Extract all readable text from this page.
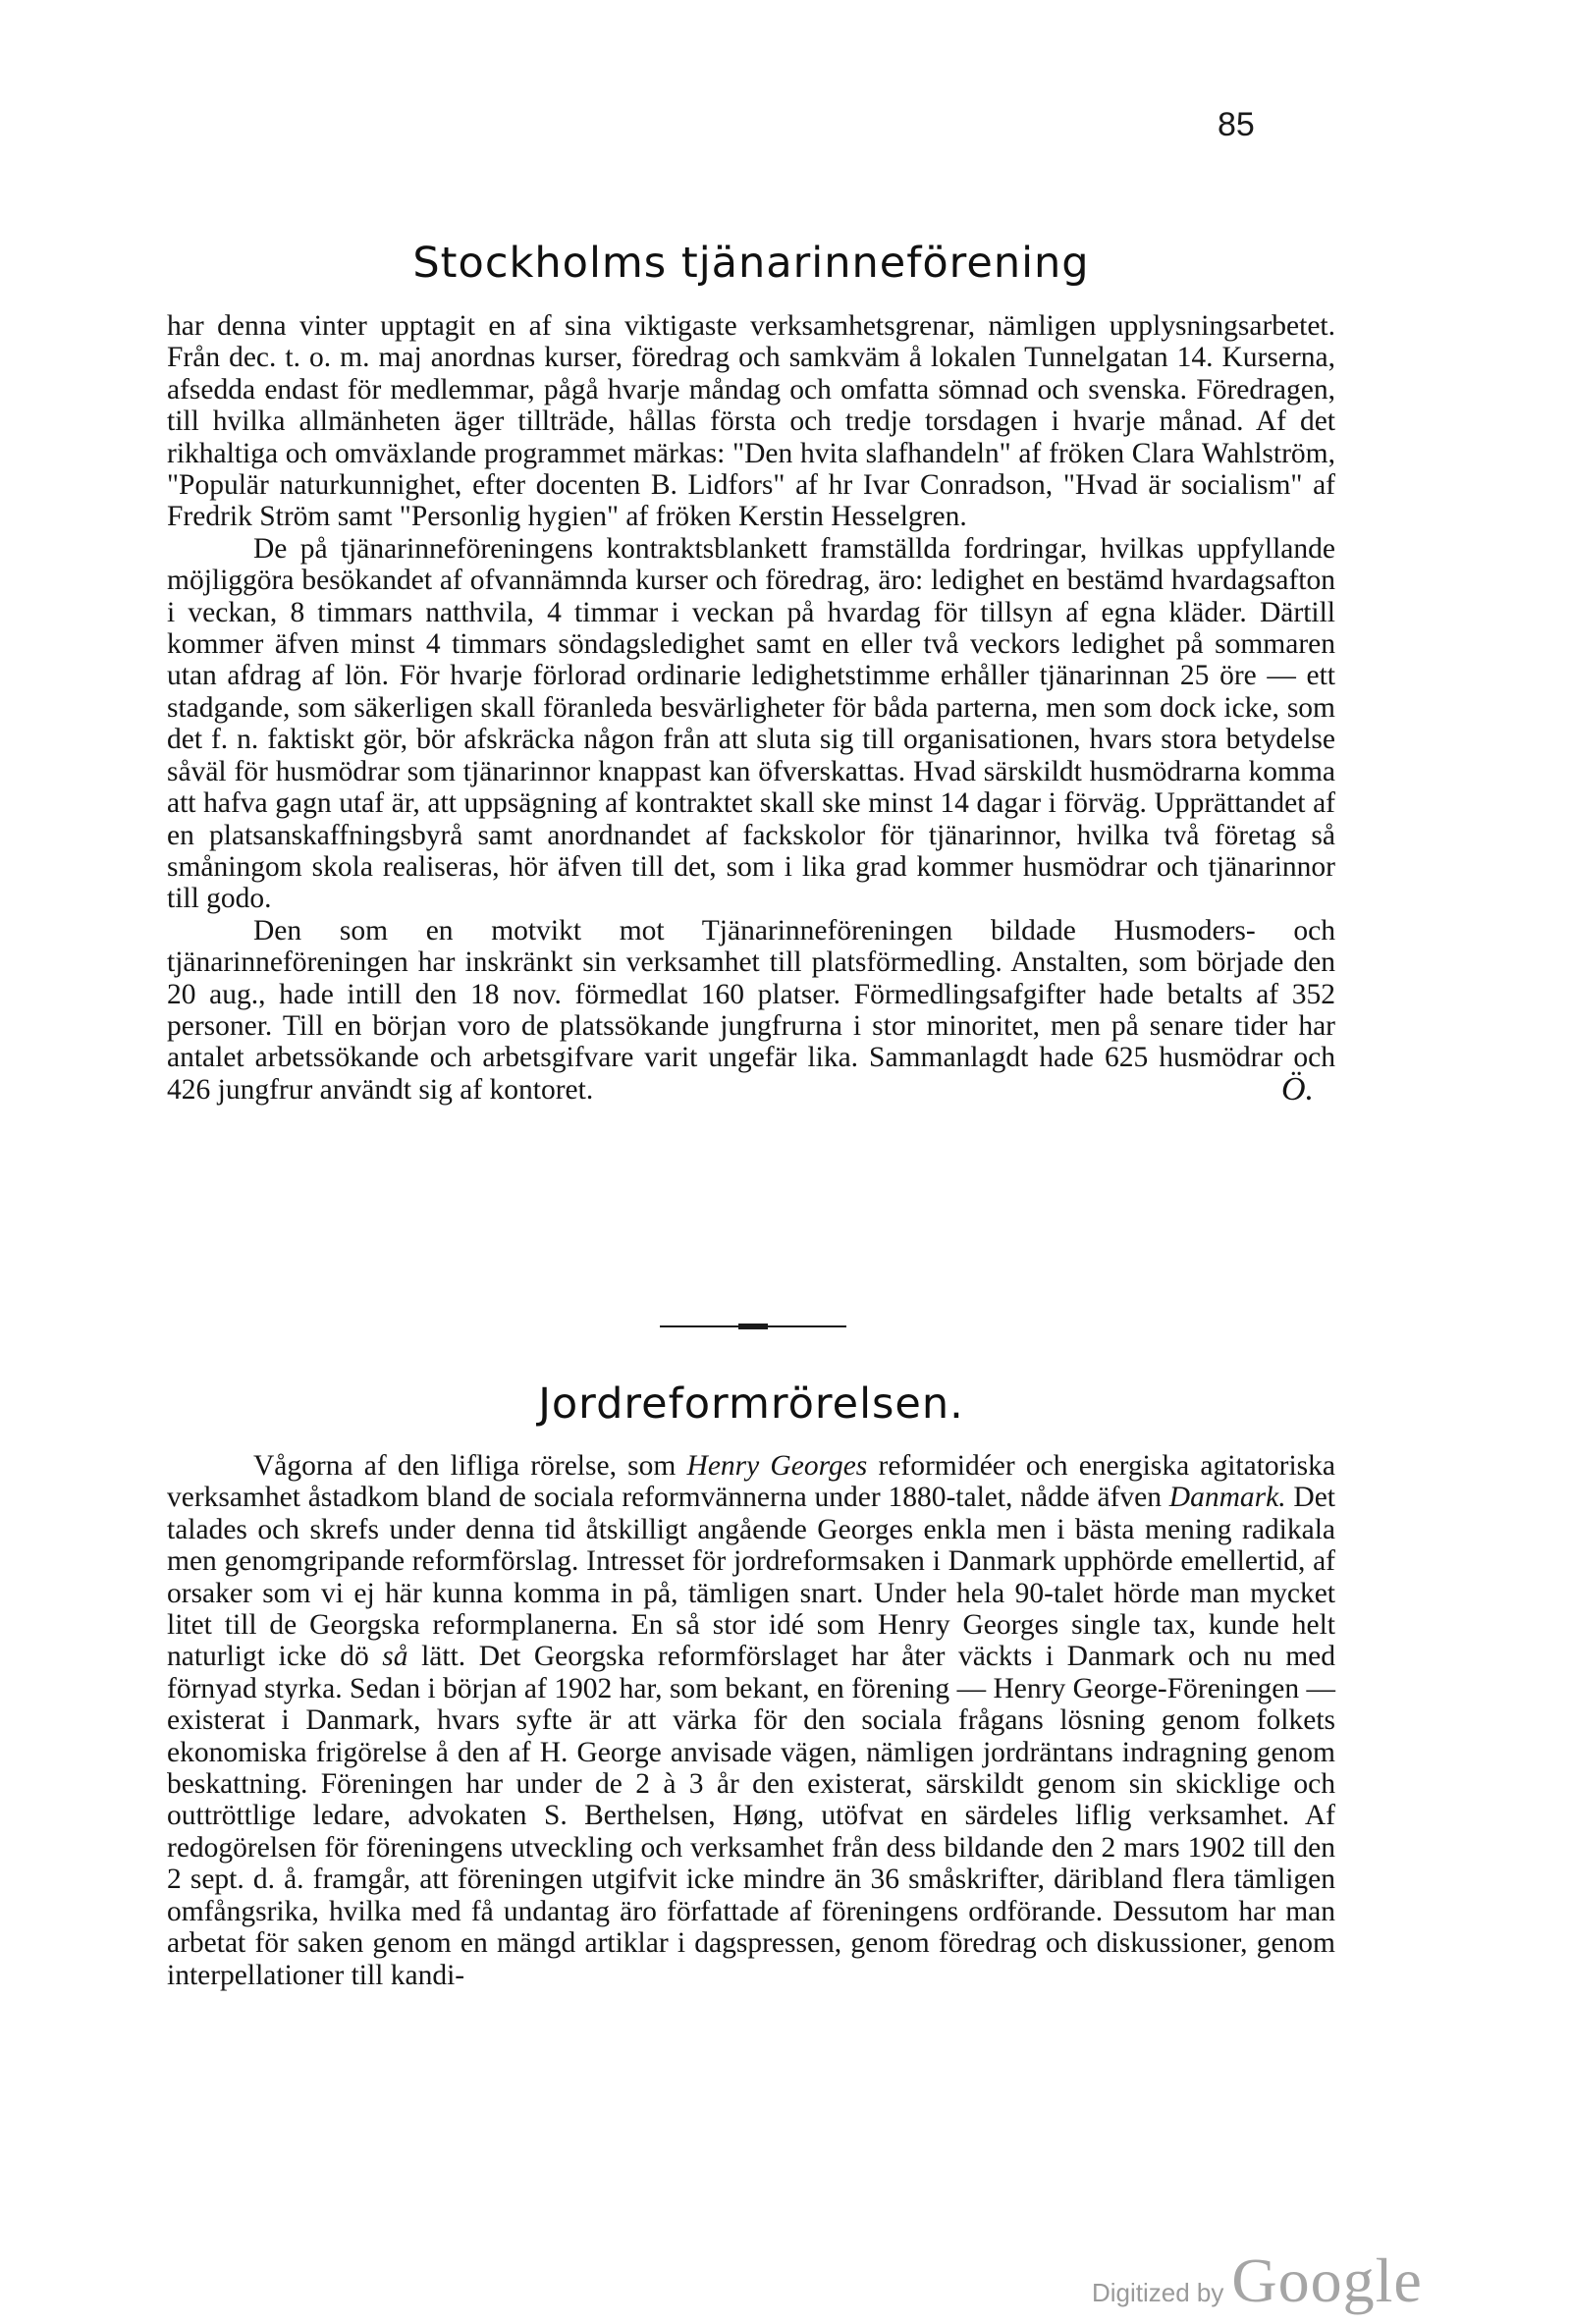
85
Stockholms tjänarinneförening

har denna vinter upptagit en af sina viktigaste verksamhetsgrenar, nämligen upplysningsarbetet. Från dec. t. o. m. maj anordnas kurser, föredrag och samkväm å lokalen Tunnelgatan 14. Kurserna, afsedda endast för medlemmar, pågå hvarje måndag och omfatta sömnad och svenska. Föredragen, till hvilka allmänheten äger tillträde, hållas första och tredje torsdagen i hvarje månad. Af det rikhaltiga och omväxlande programmet märkas: "Den hvita slafhandeln" af fröken Clara Wahlström, "Populär naturkunnighet, efter docenten B. Lidfors" af hr Ivar Conradson, "Hvad är socialism" af Fredrik Ström samt "Personlig hygien" af fröken Kerstin Hesselgren.

De på tjänarinneföreningens kontraktsblankett framställda fordringar, hvilkas uppfyllande möjliggöra besökandet af ofvannämnda kurser och föredrag, äro: ledighet en bestämd hvardagsafton i veckan, 8 timmars natthvila, 4 timmar i veckan på hvardag för tillsyn af egna kläder. Därtill kommer äfven minst 4 timmars söndagsledighet samt en eller två veckors ledighet på sommaren utan afdrag af lön. För hvarje förlorad ordinarie ledighetstimme erhåller tjänarinnan 25 öre — ett stadgande, som säkerligen skall föranleda besvärligheter för båda parterna, men som dock icke, som det f. n. faktiskt gör, bör afskräcka någon från att sluta sig till organisationen, hvars stora betydelse såväl för husmödrar som tjänarinnor knappast kan öfverskattas. Hvad särskildt husmödrarna komma att hafva gagn utaf är, att uppsägning af kontraktet skall ske minst 14 dagar i förväg. Upprättandet af en platsanskaffningsbyrå samt anordnandet af fackskolor för tjänarinnor, hvilka två företag så småningom skola realiseras, hör äfven till det, som i lika grad kommer husmödrar och tjänarinnor till godo.

Den som en motvikt mot Tjänarinneföreningen bildade Husmoders- och tjänarinneföreningen har inskränkt sin verksamhet till platsförmedling. Anstalten, som började den 20 aug., hade intill den 18 nov. förmedlat 160 platser. Förmedlingsafgifter hade betalts af 352 personer. Till en början voro de platssökande jungfrurna i stor minoritet, men på senare tider har antalet arbetssökande och arbetsgifvare varit ungefär lika. Sammanlagdt hade 625 husmödrar och 426 jungfrur användt sig af kontoret.	Ö.

Jordreformrörelsen.

Vågorna af den lifliga rörelse, som Henry Georges reformidéer och energiska agitatoriska verksamhet åstadkom bland de sociala reformvännerna under 1880-talet, nådde äfven Danmark. Det talades och skrefs under denna tid åtskilligt angående Georges enkla men i bästa mening radikala men genomgripande reformförslag. Intresset för jordreformsaken i Danmark upphörde emellertid, af orsaker som vi ej här kunna komma in på, tämligen snart. Under hela 90-talet hörde man mycket litet till de Georgska reformplanerna. En så stor idé som Henry Georges single tax, kunde helt naturligt icke dö så lätt. Det Georgska reformförslaget har åter väckts i Danmark och nu med förnyad styrka. Sedan i början af 1902 har, som bekant, en förening — Henry George-Föreningen — existerat i Danmark, hvars syfte är att värka för den sociala frågans lösning genom folkets ekonomiska frigörelse å den af H. George anvisade vägen, nämligen jordräntans indragning genom beskattning. Föreningen har under de 2 à 3 år den existerat, särskildt genom sin skicklige och outtröttlige ledare, advokaten S. Berthelsen, Høng, utöfvat en särdeles liflig verksamhet. Af redogörelsen för föreningens utveckling och verksamhet från dess bildande den 2 mars 1902 till den 2 sept. d. å. framgår, att föreningen utgifvit icke mindre än 36 småskrifter, däribland flera tämligen omfångsrika, hvilka med få undantag äro författade af föreningens ordförande. Dessutom har man arbetat för saken genom en mängd artiklar i dagspressen, genom föredrag och diskussioner, genom interpellationer till kandi-

Digitized by Google
